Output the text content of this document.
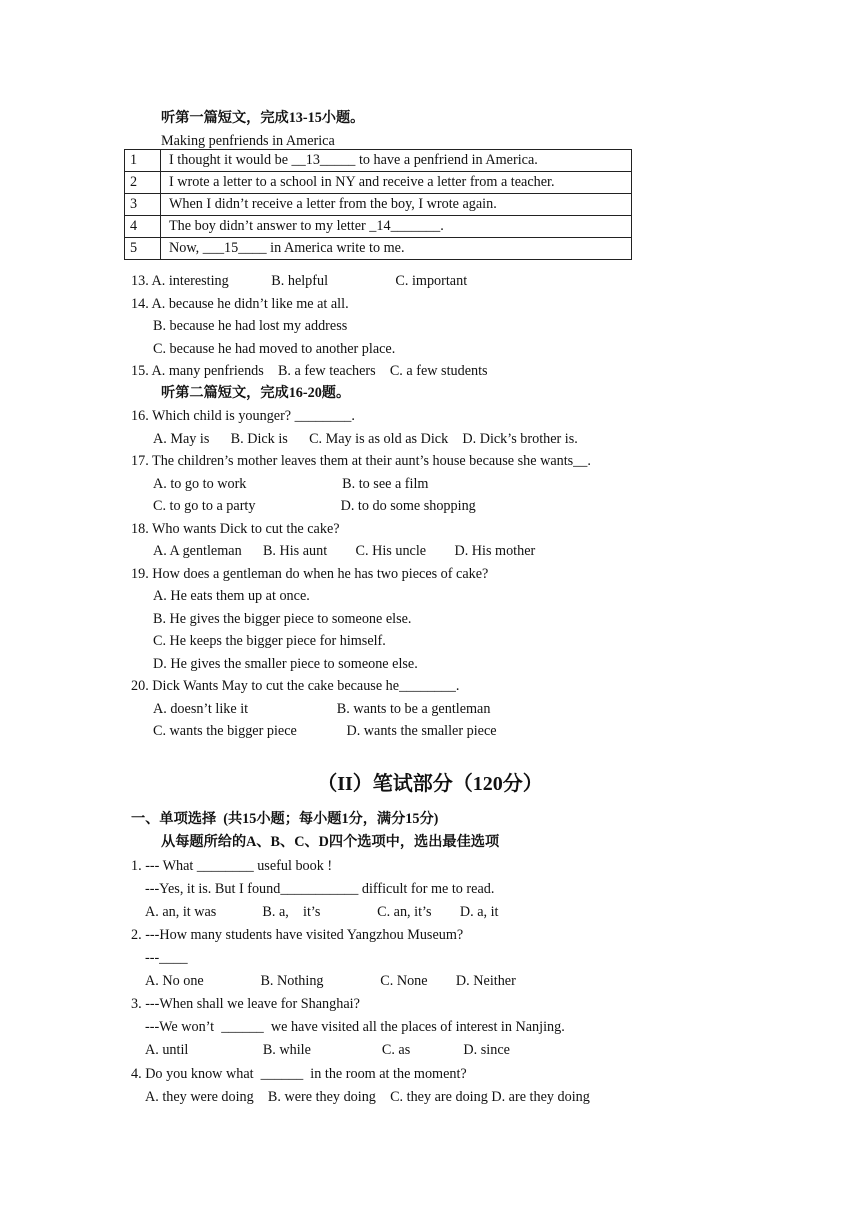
听第一篇短文，完成13-15小题。
Making penfriends in America
1	I thought it would be __13_____ to have a penfriend in America.
2	I wrote a letter to a school in NY and receive a letter from a teacher.
3	When I didn’t receive a letter from the boy, I wrote again.
4	The boy didn’t answer to my letter _14_______.
5	Now, ___15____ in America write to me.
13. A. interesting            B. helpful                   C. important
14. A. because he didn’t like me at all.
B. because he had lost my address
C. because he had moved to another place.
15. A. many penfriends    B. a few teachers    C. a few students
听第二篇短文，完成16-20题。
16. Which child is younger? ________.
A. May is      B. Dick is      C. May is as old as Dick    D. Dick’s brother is.
17. The children’s mother leaves them at their aunt’s house because she wants__.
A. to go to work                           B. to see a film
C. to go to a party                        D. to do some shopping
18. Who wants Dick to cut the cake?
A. A gentleman      B. His aunt        C. His uncle        D. His mother
19. How does a gentleman do when he has two pieces of cake?
A. He eats them up at once.
B. He gives the bigger piece to someone else.
C. He keeps the bigger piece for himself.
D. He gives the smaller piece to someone else.
20. Dick Wants May to cut the cake because he________.
A. doesn’t like it                         B. wants to be a gentleman
C. wants the bigger piece              D. wants the smaller piece
（II）笔试部分（120分）
一、单项选择  (共15小题；每小题1分，满分15分)
从每题所给的A、B、C、D四个选项中，选出最佳选项
1. --- What ________ useful book !
---Yes, it is. But I found___________ difficult for me to read.
A. an, it was             B. a,    it’s                C. an, it’s        D. a, it
2. ---How many students have visited Yangzhou Museum?
---____
A. No one                B. Nothing                C. None        D. Neither
3. ---When shall we leave for Shanghai?
---We won’t  ______  we have visited all the places of interest in Nanjing.
A. until                     B. while                    C. as               D. since
4. Do you know what  ______  in the room at the moment?
A. they were doing    B. were they doing    C. they are doing D. are they doing
